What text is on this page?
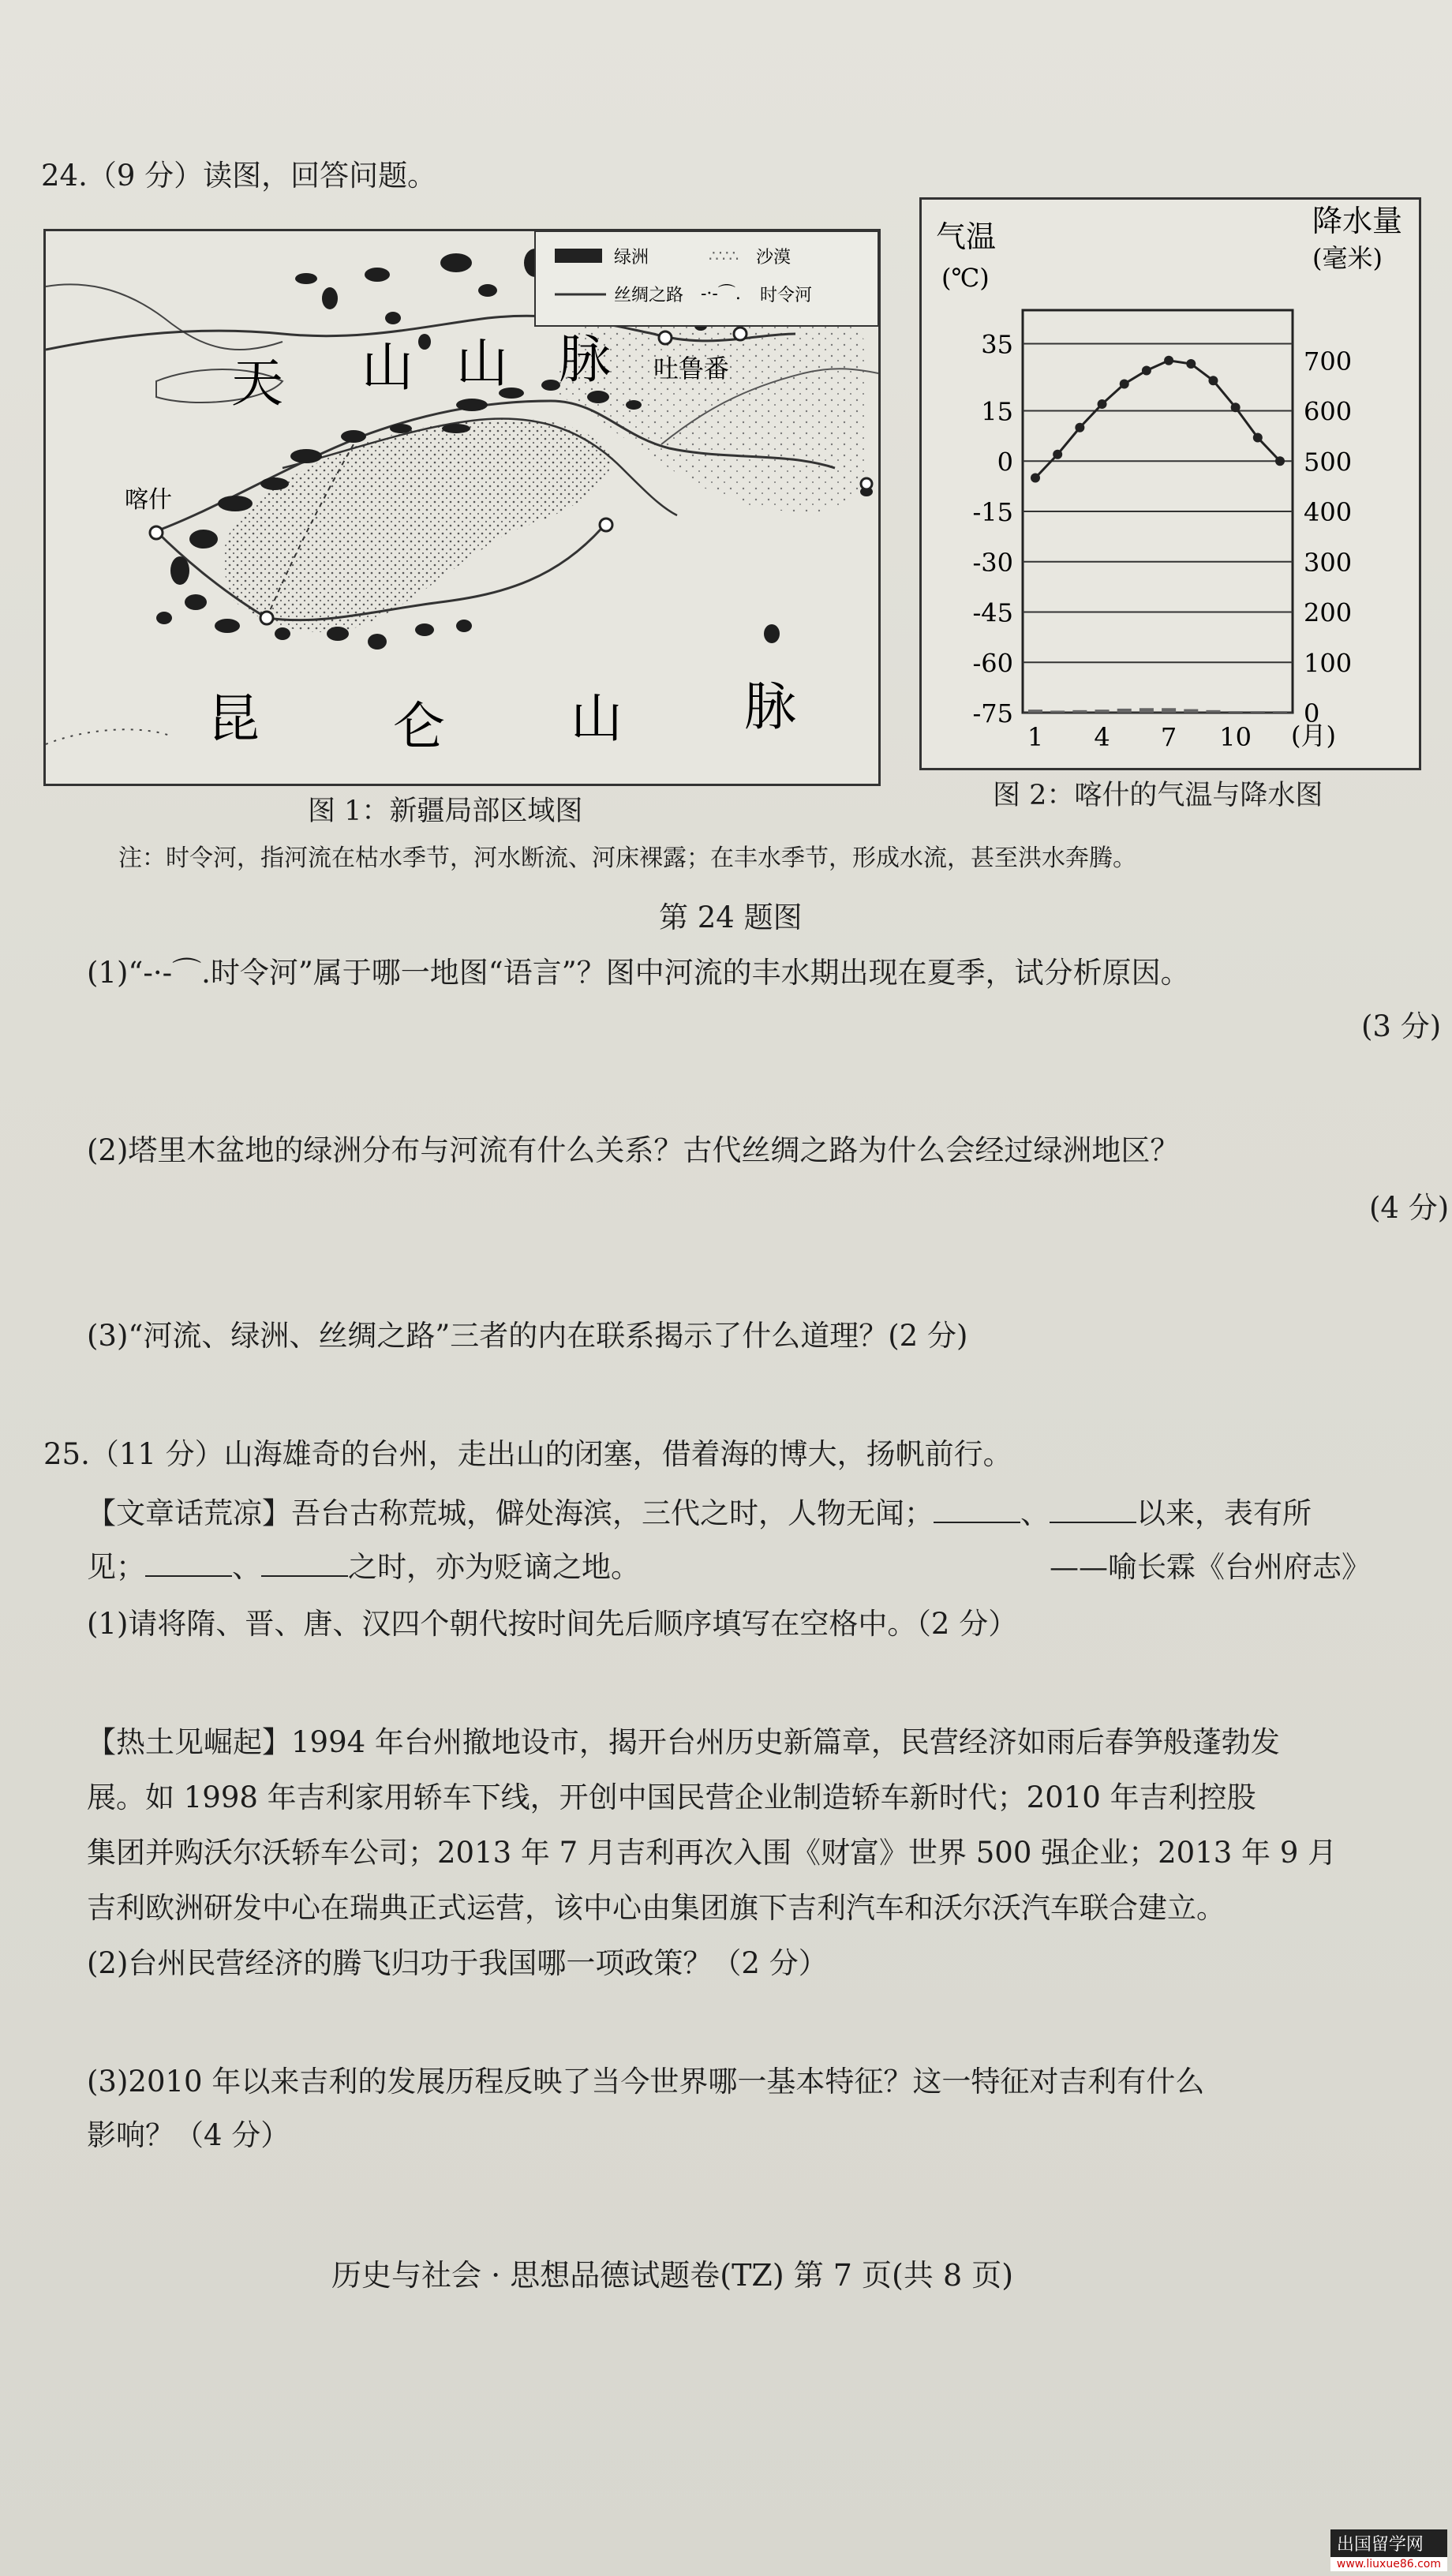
24.（9 分）读图，回答问题。
绿洲	∴∵∴ 沙漠
丝绸之路 -·-⌒. 时令河
天 山 山 脉
昆	仑 山 脉
吐鲁番
喀什
气温
(℃)
降水量
(毫米)
35
15
0
-15
-30
-45
-60
-75
700
600
500
400
300
200
100
0
1 4 7 10 (月)
图 1：新疆局部区域图	图 2：喀什的气温与降水图
注：时令河，指河流在枯水季节，河水断流、河床裸露；在丰水季节，形成水流，甚至洪水奔腾。
第 24 题图
(1)“-·-⌒.时令河”属于哪一地图“语言”？图中河流的丰水期出现在夏季，试分析原因。
(3 分)
(2)塔里木盆地的绿洲分布与河流有什么关系？古代丝绸之路为什么会经过绿洲地区？
(4 分)
(3)“河流、绿洲、丝绸之路”三者的内在联系揭示了什么道理？(2 分)
25.（11 分）山海雄奇的台州，走出山的闭塞，借着海的博大，扬帆前行。
【文章话荒凉】吾台古称荒城，僻处海滨，三代之时，人物无闻；	、	以来，表有所
见；	、	之时，亦为贬谪之地。	——喻长霖《台州府志》
(1)请将隋、晋、唐、汉四个朝代按时间先后顺序填写在空格中。（2 分）
【热土见崛起】1994 年台州撤地设市，揭开台州历史新篇章，民营经济如雨后春笋般蓬勃发
展。如 1998 年吉利家用轿车下线，开创中国民营企业制造轿车新时代；2010 年吉利控股
集团并购沃尔沃轿车公司；2013 年 7 月吉利再次入围《财富》世界 500 强企业；2013 年 9 月
吉利欧洲研发中心在瑞典正式运营，该中心由集团旗下吉利汽车和沃尔沃汽车联合建立。
(2)台州民营经济的腾飞归功于我国哪一项政策？（2 分）
(3)2010 年以来吉利的发展历程反映了当今世界哪一基本特征？这一特征对吉利有什么
影响？（4 分）
历史与社会 · 思想品德试题卷(TZ) 第 7 页(共 8 页)
出国留学网
www.liuxue86.com
